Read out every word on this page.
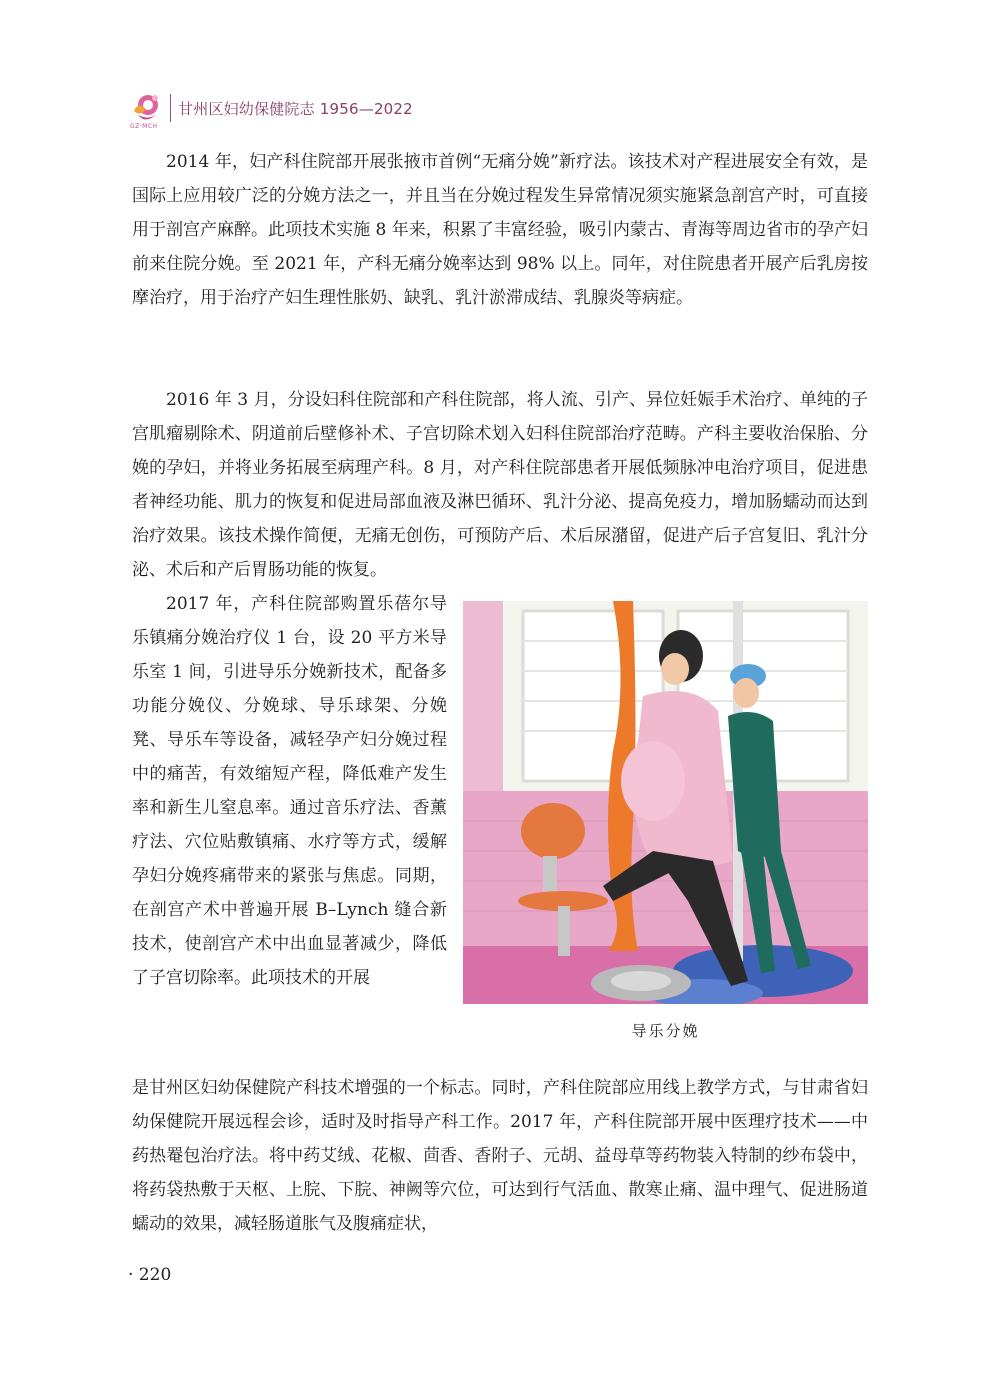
GZ·MCH
甘州区妇幼保健院志 1956—2022

2014 年，妇产科住院部开展张掖市首例“无痛分娩”新疗法。该技术对产程进展安全有效，是国际上应用较广泛的分娩方法之一，并且当在分娩过程发生异常情况须实施紧急剖宫产时，可直接用于剖宫产麻醉。此项技术实施 8 年来，积累了丰富经验，吸引内蒙古、青海等周边省市的孕产妇前来住院分娩。至 2021 年，产科无痛分娩率达到 98% 以上。同年，对住院患者开展产后乳房按摩治疗，用于治疗产妇生理性胀奶、缺乳、乳汁淤滞成结、乳腺炎等病症。

2016 年 3 月，分设妇科住院部和产科住院部，将人流、引产、异位妊娠手术治疗、单纯的子宫肌瘤剔除术、阴道前后壁修补术、子宫切除术划入妇科住院部治疗范畴。产科主要收治保胎、分娩的孕妇，并将业务拓展至病理产科。8 月，对产科住院部患者开展低频脉冲电治疗项目，促进患者神经功能、肌力的恢复和促进局部血液及淋巴循环、乳汁分泌、提高免疫力，增加肠蠕动而达到治疗效果。该技术操作简便，无痛无创伤，可预防产后、术后尿潴留，促进产后子宫复旧、乳汁分泌、术后和产后胃肠功能的恢复。

2017 年，产科住院部购置乐蓓尔导乐镇痛分娩治疗仪 1 台，设 20 平方米导乐室 1 间，引进导乐分娩新技术，配备多功能分娩仪、分娩球、导乐球架、分娩凳、导乐车等设备，减轻孕产妇分娩过程中的痛苦，有效缩短产程，降低难产发生率和新生儿窒息率。通过音乐疗法、香薰疗法、穴位贴敷镇痛、水疗等方式，缓解孕妇分娩疼痛带来的紧张与焦虑。同期，在剖宫产术中普遍开展 B–Lynch 缝合新技术，使剖宫产术中出血显著减少，降低了子宫切除率。此项技术的开展

是甘州区妇幼保健院产科技术增强的一个标志。同时，产科住院部应用线上教学方式，与甘肃省妇幼保健院开展远程会诊，适时及时指导产科工作。2017 年，产科住院部开展中医理疗技术——中药热罨包治疗法。将中药艾绒、花椒、茴香、香附子、元胡、益母草等药物装入特制的纱布袋中，将药袋热敷于天枢、上脘、下脘、神阙等穴位，可达到行气活血、散寒止痛、温中理气、促进肠道蠕动的效果，减轻肠道胀气及腹痛症状，

导乐分娩
· 220
